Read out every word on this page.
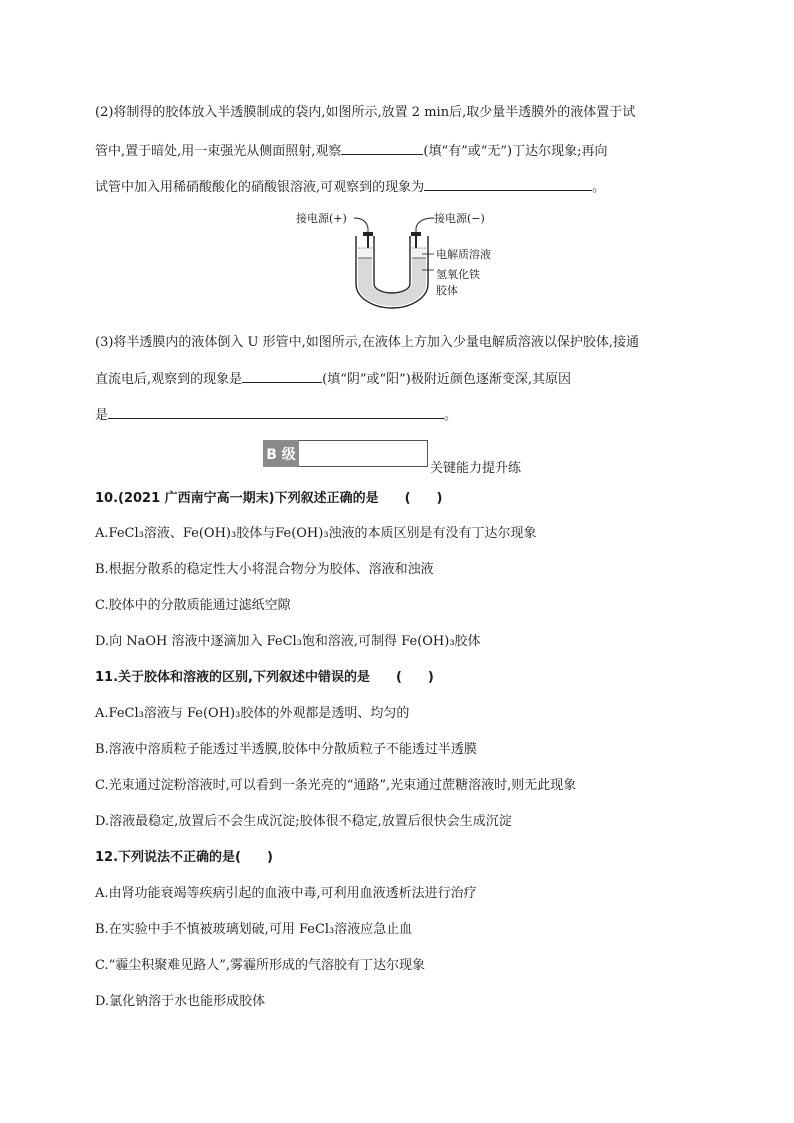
(2)将制得的胶体放入半透膜制成的袋内,如图所示,放置 2 min后,取少量半透膜外的液体置于试
管中,置于暗处,用一束强光从侧面照射,观察	(填“有”或“无”)丁达尔现象;再向
试管中加入用稀硝酸酸化的硝酸银溶液,可观察到的现象为	。
接电源(+)	接电源(−)
电解质溶液
氢氧化铁
胶体
(3)将半透膜内的液体倒入 U 形管中,如图所示,在液体上方加入少量电解质溶液以保护胶体,接通
直流电后,观察到的现象是	(填“阴”或“阳”)极附近颜色逐渐变深,其原因
是	。
B 级
关键能力提升练
10.(2021 广西南宁高一期末)下列叙述正确的是　　(　　)
A.FeCl₃溶液、Fe(OH)₃胶体与Fe(OH)₃浊液的本质区别是有没有丁达尔现象
B.根据分散系的稳定性大小将混合物分为胶体、溶液和浊液
C.胶体中的分散质能通过滤纸空隙
D.向 NaOH 溶液中逐滴加入 FeCl₃饱和溶液,可制得 Fe(OH)₃胶体
11.关于胶体和溶液的区别,下列叙述中错误的是　　(　　)
A.FeCl₃溶液与 Fe(OH)₃胶体的外观都是透明、均匀的
B.溶液中溶质粒子能透过半透膜,胶体中分散质粒子不能透过半透膜
C.光束通过淀粉溶液时,可以看到一条光亮的“通路”,光束通过蔗糖溶液时,则无此现象
D.溶液最稳定,放置后不会生成沉淀;胶体很不稳定,放置后很快会生成沉淀
12.下列说法不正确的是(　　)
A.由肾功能衰竭等疾病引起的血液中毒,可利用血液透析法进行治疗
B.在实验中手不慎被玻璃划破,可用 FeCl₃溶液应急止血
C.“霾尘积聚难见路人”,雾霾所形成的气溶胶有丁达尔现象
D.氯化钠溶于水也能形成胶体
